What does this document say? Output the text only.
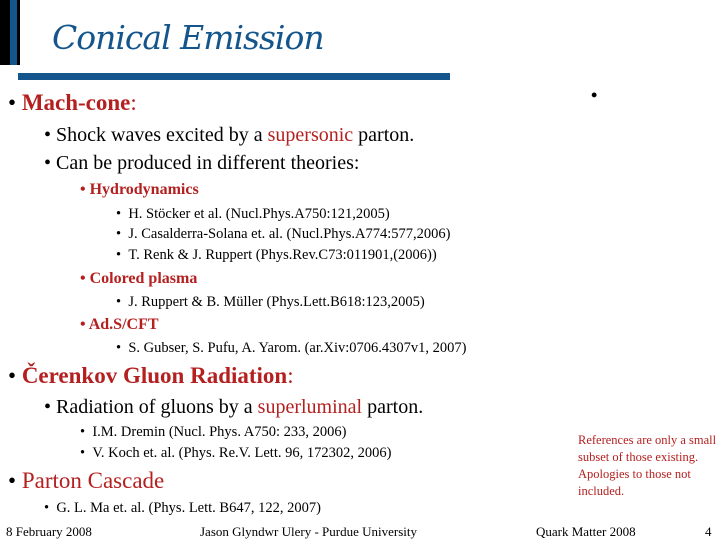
Conical Emission
•
• Mach-cone:
• Shock waves excited by a supersonic parton.
• Can be produced in different theories:
• Hydrodynamics
•  H. Stöcker et al. (Nucl.Phys.A750:121,2005)
•  J. Casalderra-Solana et. al. (Nucl.Phys.A774:577,2006)
•  T. Renk & J. Ruppert (Phys.Rev.C73:011901,(2006))
• Colored plasma
•  J. Ruppert & B. Müller (Phys.Lett.B618:123,2005)
• Ad.S/CFT
•  S. Gubser, S. Pufu, A. Yarom. (ar.Xiv:0706.4307v1, 2007)
• Čerenkov Gluon Radiation:
• Radiation of gluons by a superluminal parton.
•  I.M. Dremin (Nucl. Phys. A750: 233, 2006)
•  V. Koch et. al. (Phys. Re.V. Lett. 96, 172302, 2006)
• Parton Cascade
•  G. L. Ma et. al. (Phys. Lett. B647, 122, 2007)
References are only a small subset of those existing. Apologies to those not included.
8 February 2008	Jason Glyndwr Ulery - Purdue University	Quark Matter 2008	4
